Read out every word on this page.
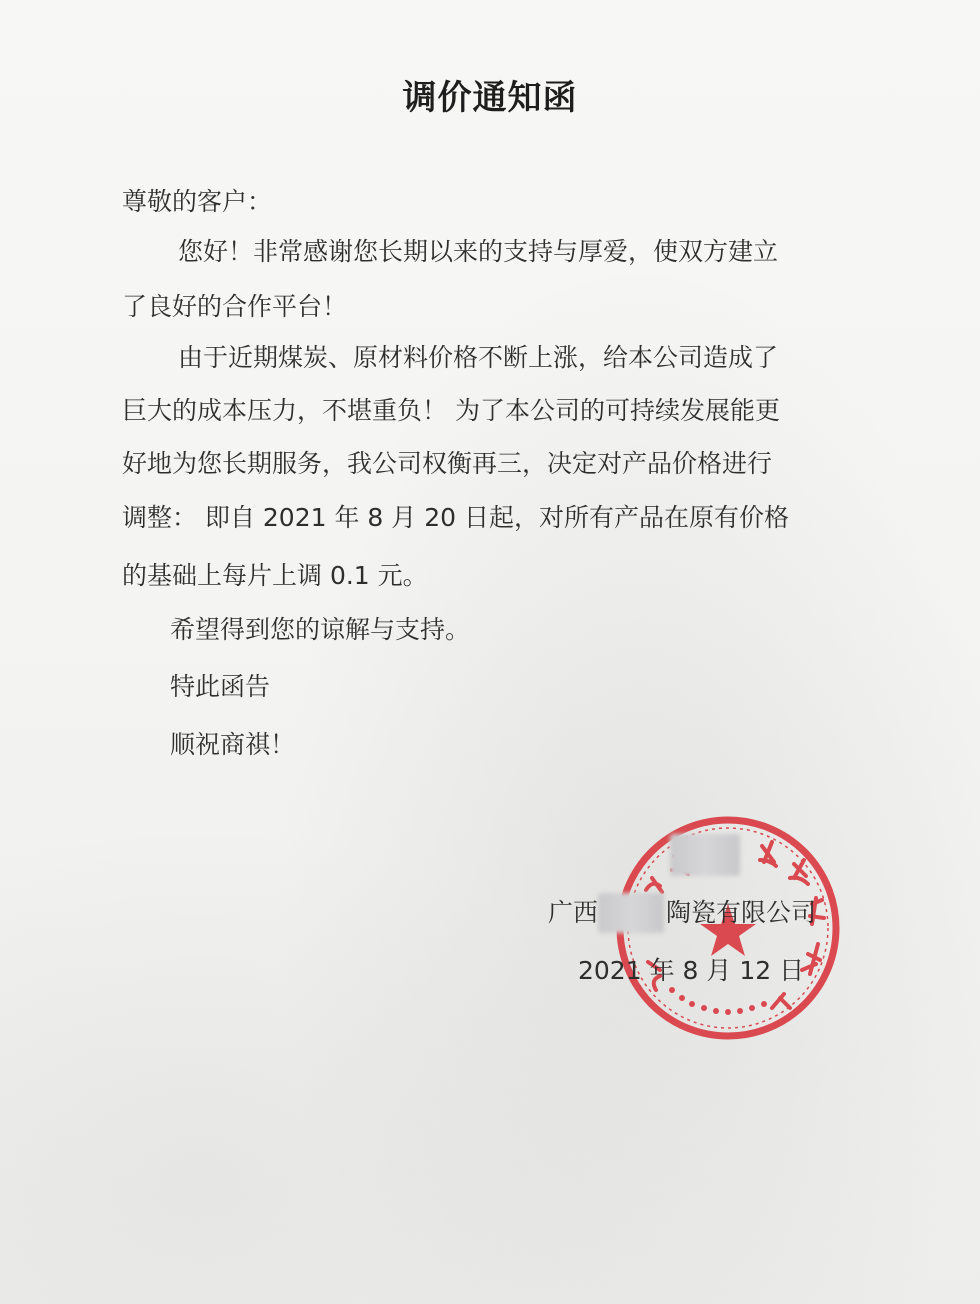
调价通知函
尊敬的客户：
您好！非常感谢您长期以来的支持与厚爱，使双方建立
了良好的合作平台！
由于近期煤炭、原材料价格不断上涨，给本公司造成了
巨大的成本压力，不堪重负！ 为了本公司的可持续发展能更
好地为您长期服务，我公司权衡再三，决定对产品价格进行
调整： 即自 2021 年 8 月 20 日起，对所有产品在原有价格
的基础上每片上调 0.1 元。
希望得到您的谅解与支持。
特此函告
顺祝商祺！
广西	陶瓷有限公司
2021 年 8 月 12 日
